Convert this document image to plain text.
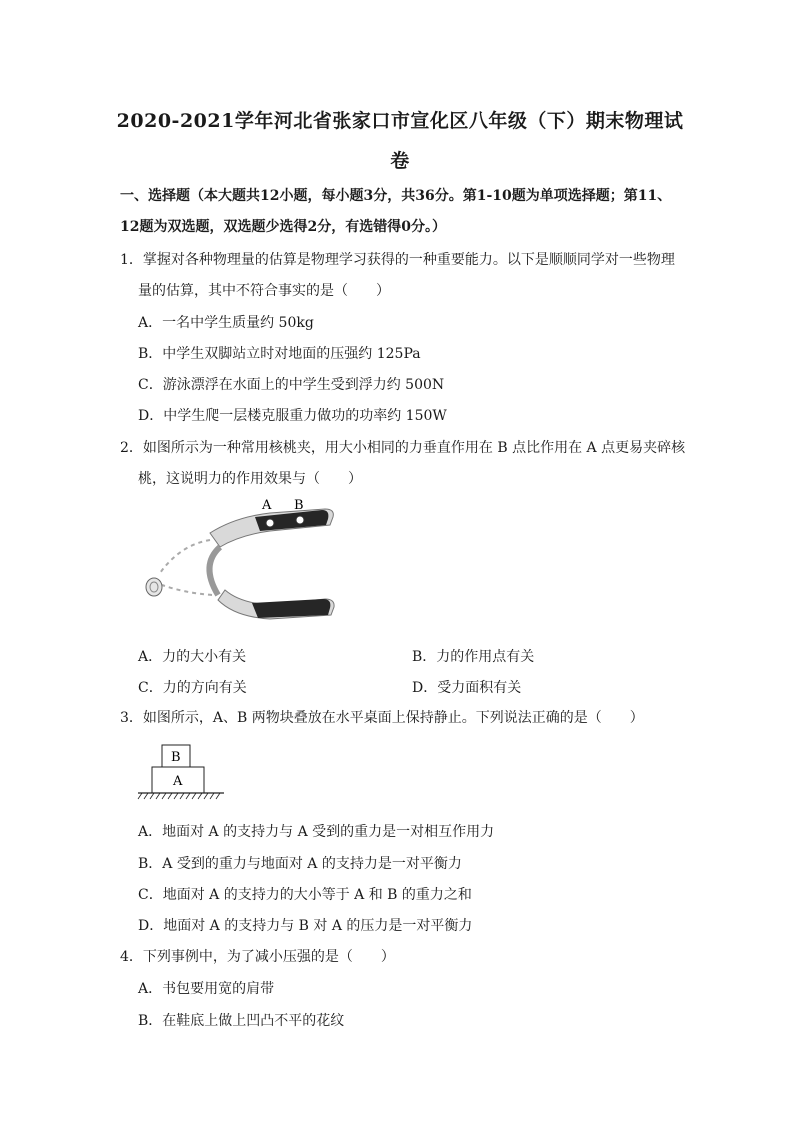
2020-2021学年河北省张家口市宣化区八年级（下）期末物理试
卷
一、选择题（本大题共12小题，每小题3分，共36分。第1-10题为单项选择题；第11、12题为双选题，双选题少选得2分，有选错得0分。）
1．掌握对各种物理量的估算是物理学习获得的一种重要能力。以下是顺顺同学对一些物理
量的估算，其中不符合事实的是（　　）
A．一名中学生质量约 50kg
B．中学生双脚站立时对地面的压强约 125Pa
C．游泳漂浮在水面上的中学生受到浮力约 500N
D．中学生爬一层楼克服重力做功的功率约 150W
2．如图所示为一种常用核桃夹，用大小相同的力垂直作用在 B 点比作用在 A 点更易夹碎核
桃，这说明力的作用效果与（　　）
A B
A．力的大小有关	B．力的作用点有关
C．力的方向有关	D．受力面积有关
3．如图所示，A、B 两物块叠放在水平桌面上保持静止。下列说法正确的是（　　）
B
A
A．地面对 A 的支持力与 A 受到的重力是一对相互作用力
B．A 受到的重力与地面对 A 的支持力是一对平衡力
C．地面对 A 的支持力的大小等于 A 和 B 的重力之和
D．地面对 A 的支持力与 B 对 A 的压力是一对平衡力
4．下列事例中，为了减小压强的是（　　）
A．书包要用宽的肩带
B．在鞋底上做上凹凸不平的花纹
